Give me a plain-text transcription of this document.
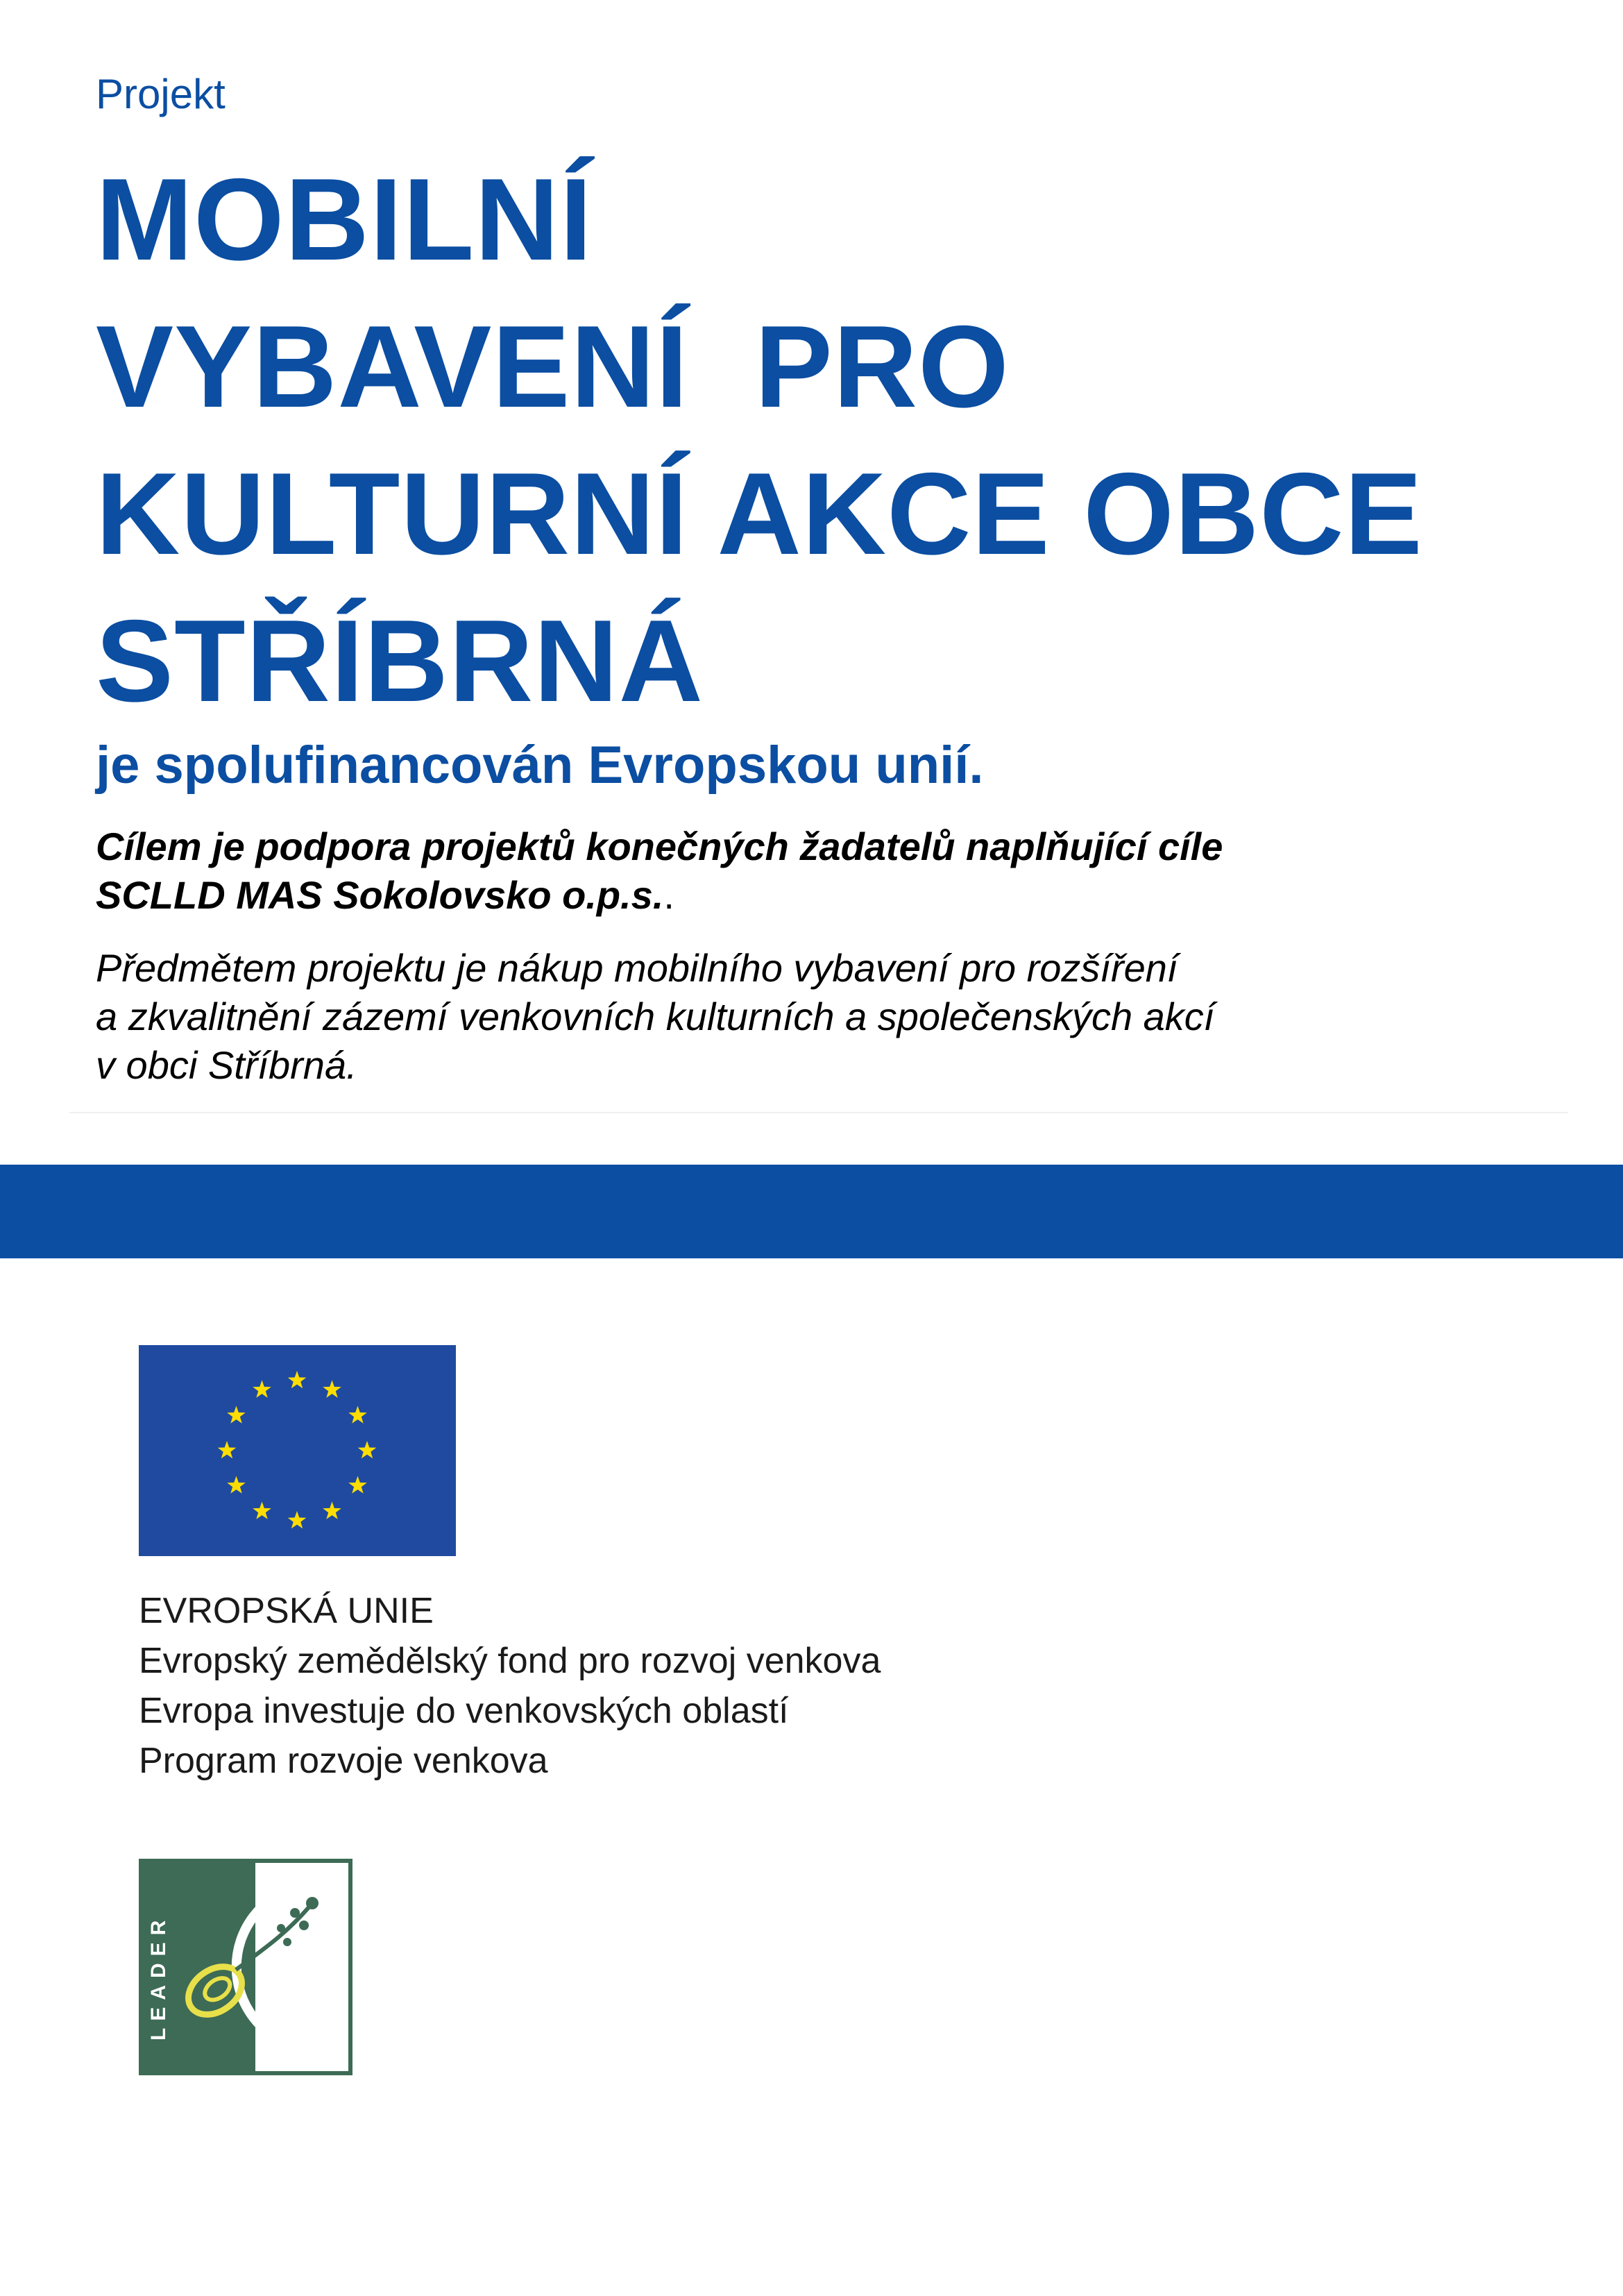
Projekt
MOBILNÍ
VYBAVENÍ  PRO
KULTURNÍ AKCE OBCE
STŘÍBRNÁ
je spolufinancován Evropskou unií.
Cílem je podpora projektů konečných žadatelů naplňující cíle
SCLLD MAS Sokolovsko o.p.s..
Předmětem projektu je nákup mobilního vybavení pro rozšíření
a zkvalitnění zázemí venkovních kulturních a společenských akcí
v obci Stříbrná.
EVROPSKÁ UNIE
Evropský zemědělský fond pro rozvoj venkova
Evropa investuje do venkovských oblastí
Program rozvoje venkova
LEADER
